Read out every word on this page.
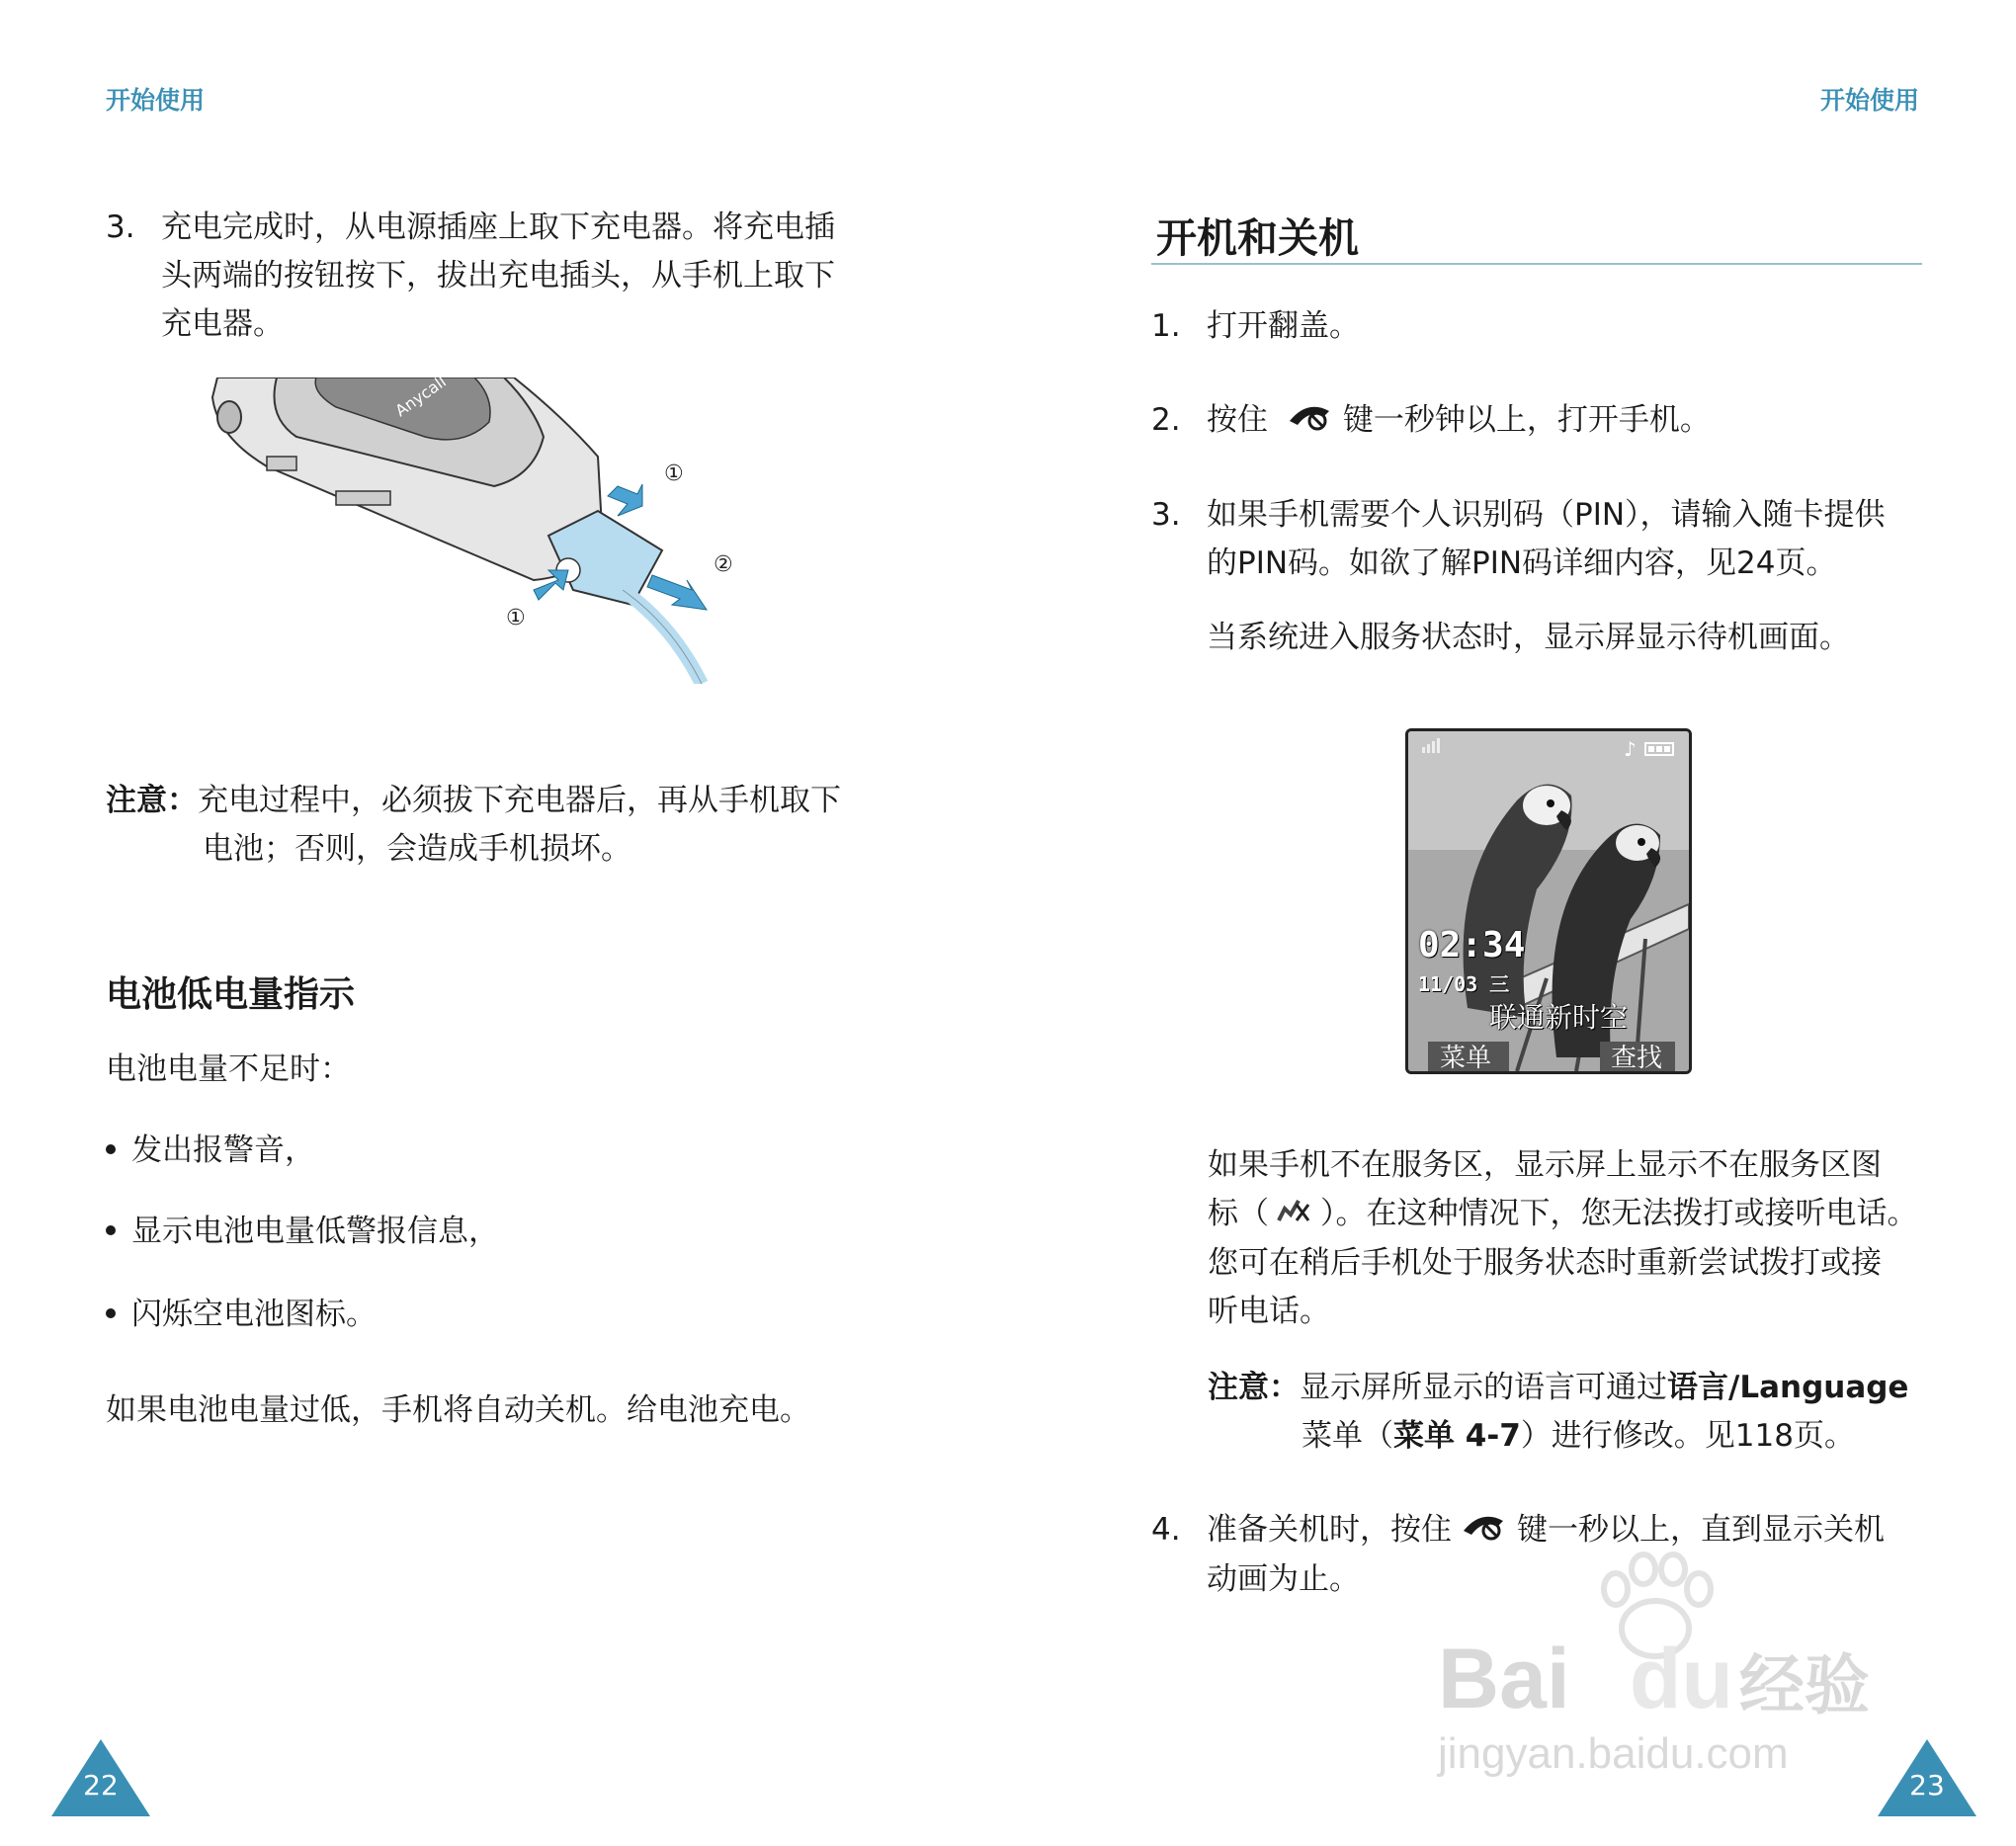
开始使用
3. 充电完成时，从电源插座上取下充电器。将充电插
头两端的按钮按下，拔出充电插头，从手机上取下
充电器。
Anycall
①
②
①
注意：充电过程中，必须拔下充电器后，再从手机取下
电池；否则，会造成手机损坏。
电池低电量指示
电池电量不足时：
发出报警音，
显示电池电量低警报信息，
闪烁空电池图标。
如果电池电量过低，手机将自动关机。给电池充电。
22
开始使用
开机和关机
1. 打开翻盖。
2. 按住 键一秒钟以上，打开手机。
3. 如果手机需要个人识别码（PIN），请输入随卡提供
的PIN码。如欲了解PIN码详细内容，见24页。
当系统进入服务状态时，显示屏显示待机画面。
♪
02:34
11/03 三
联通新时空
菜单	查找
如果手机不在服务区，显示屏上显示不在服务区图
标（ ）。在这种情况下，您无法拨打或接听电话。
您可在稍后手机处于服务状态时重新尝试拨打或接
听电话。
注意：显示屏所显示的语言可通过语言/Language
菜单（菜单 4-7）进行修改。见118页。
4. 准备关机时，按住 键一秒以上，直到显示关机
动画为止。
Bai du经验
jingyan.baidu.com
23
